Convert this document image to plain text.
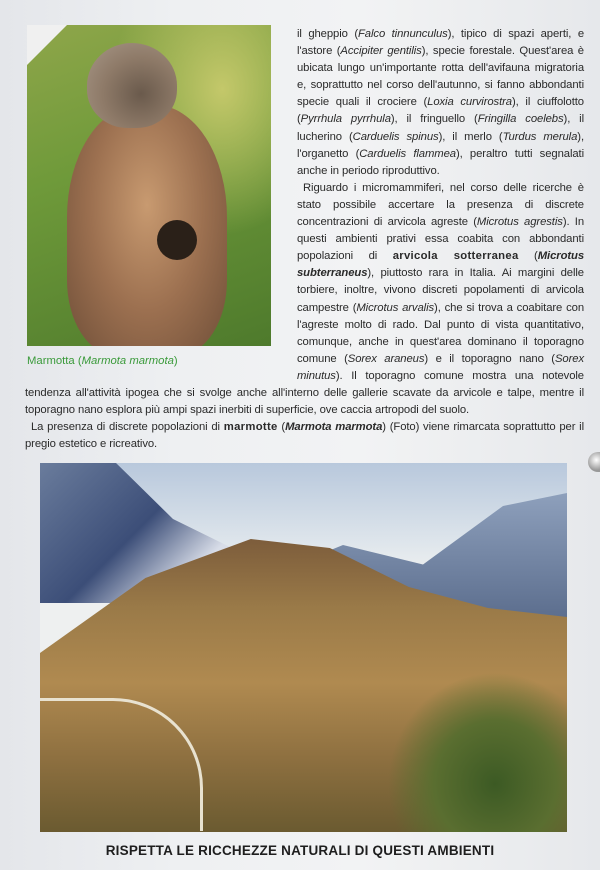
Marmotta (Marmota marmota)

il gheppio (Falco tinnunculus), tipico di spazi aperti, e l'astore (Accipiter gentilis), specie forestale. Quest'area è ubicata lungo un'importante rotta dell'avifauna migratoria e, soprattutto nel corso dell'autunno, si fanno abbondanti specie quali il crociere (Loxia curvirostra), il ciuffolotto (Pyrrhula pyrrhula), il fringuello (Fringilla coelebs), il lucherino (Carduelis spinus), il merlo (Turdus merula), l'organetto (Carduelis flammea), peraltro tutti segnalati anche in periodo riproduttivo.

Riguardo i micromammiferi, nel corso delle ricerche è stato possibile accertare la presenza di discrete concentrazioni di arvicola agreste (Microtus agrestis). In questi ambienti prativi essa coabita con abbondanti popolazioni di arvicola sotterranea (Microtus subterraneus), piuttosto rara in Italia. Ai margini delle torbiere, inoltre, vivono discreti popolamenti di arvicola campestre (Microtus arvalis), che si trova a coabitare con l'agreste molto di rado. Dal punto di vista quantitativo, comunque, anche in quest'area dominano il toporagno comune (Sorex araneus) e il toporagno nano (Sorex minutus). Il toporagno comune mostra una notevole tendenza all'attività ipogea che si svolge anche all'interno delle gallerie scavate da arvicole e talpe, mentre il toporagno nano esplora più ampi spazi inerbiti di superficie, ove caccia artropodi del suolo.

La presenza di discrete popolazioni di marmotte (Marmota marmota) (Foto) viene rimarcata soprattutto per il pregio estetico e ricreativo.

RISPETTA LE RICCHEZZE NATURALI DI QUESTI AMBIENTI
